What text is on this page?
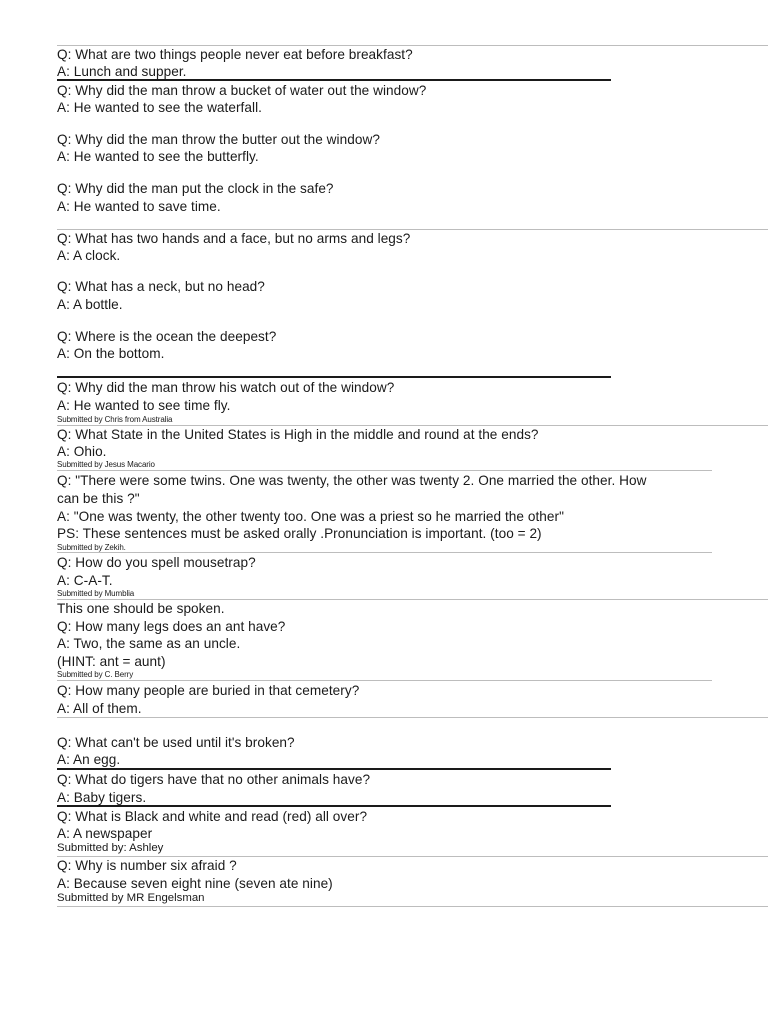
Q: What are two things people never eat before breakfast?
A: Lunch and supper.
Q: Why did the man throw a bucket of water out the window?
A: He wanted to see the waterfall.
Q: Why did the man throw the butter out the window?
A: He wanted to see the butterfly.
Q: Why did the man put the clock in the safe?
A: He wanted to save time.
Q: What has two hands and a face, but no arms and legs?
A: A clock.
Q: What has a neck, but no head?
A: A bottle.
Q: Where is the ocean the deepest?
A: On the bottom.
Q: Why did the man throw his watch out of the window?
A: He wanted to see time fly.
Submitted by Chris from Australia
Q: What State in the United States is High in the middle and round at the ends?
A: Ohio.
Submitted by Jesus Macario
Q: "There were some twins. One was twenty, the other was twenty 2. One married the other. How
can be this ?"
A: "One was twenty, the other twenty too. One was a priest so he married the other"
PS: These sentences must be asked orally .Pronunciation is important. (too = 2)
Submitted by Zekih.
Q: How do you spell mousetrap?
A: C-A-T.
Submitted by Mumblia
This one should be spoken.
Q: How many legs does an ant have?
A: Two, the same as an uncle.
(HINT: ant = aunt)
Submitted by C. Berry
Q: How many people are buried in that cemetery?
A: All of them.
Q: What can't be used until it's broken?
A: An egg.
Q: What do tigers have that no other animals have?
A: Baby tigers.
Q: What is Black and white and read (red) all over?
A: A newspaper
Submitted by: Ashley
Q: Why is number six afraid ?
A: Because seven eight nine (seven ate nine)
Submitted by MR Engelsman
